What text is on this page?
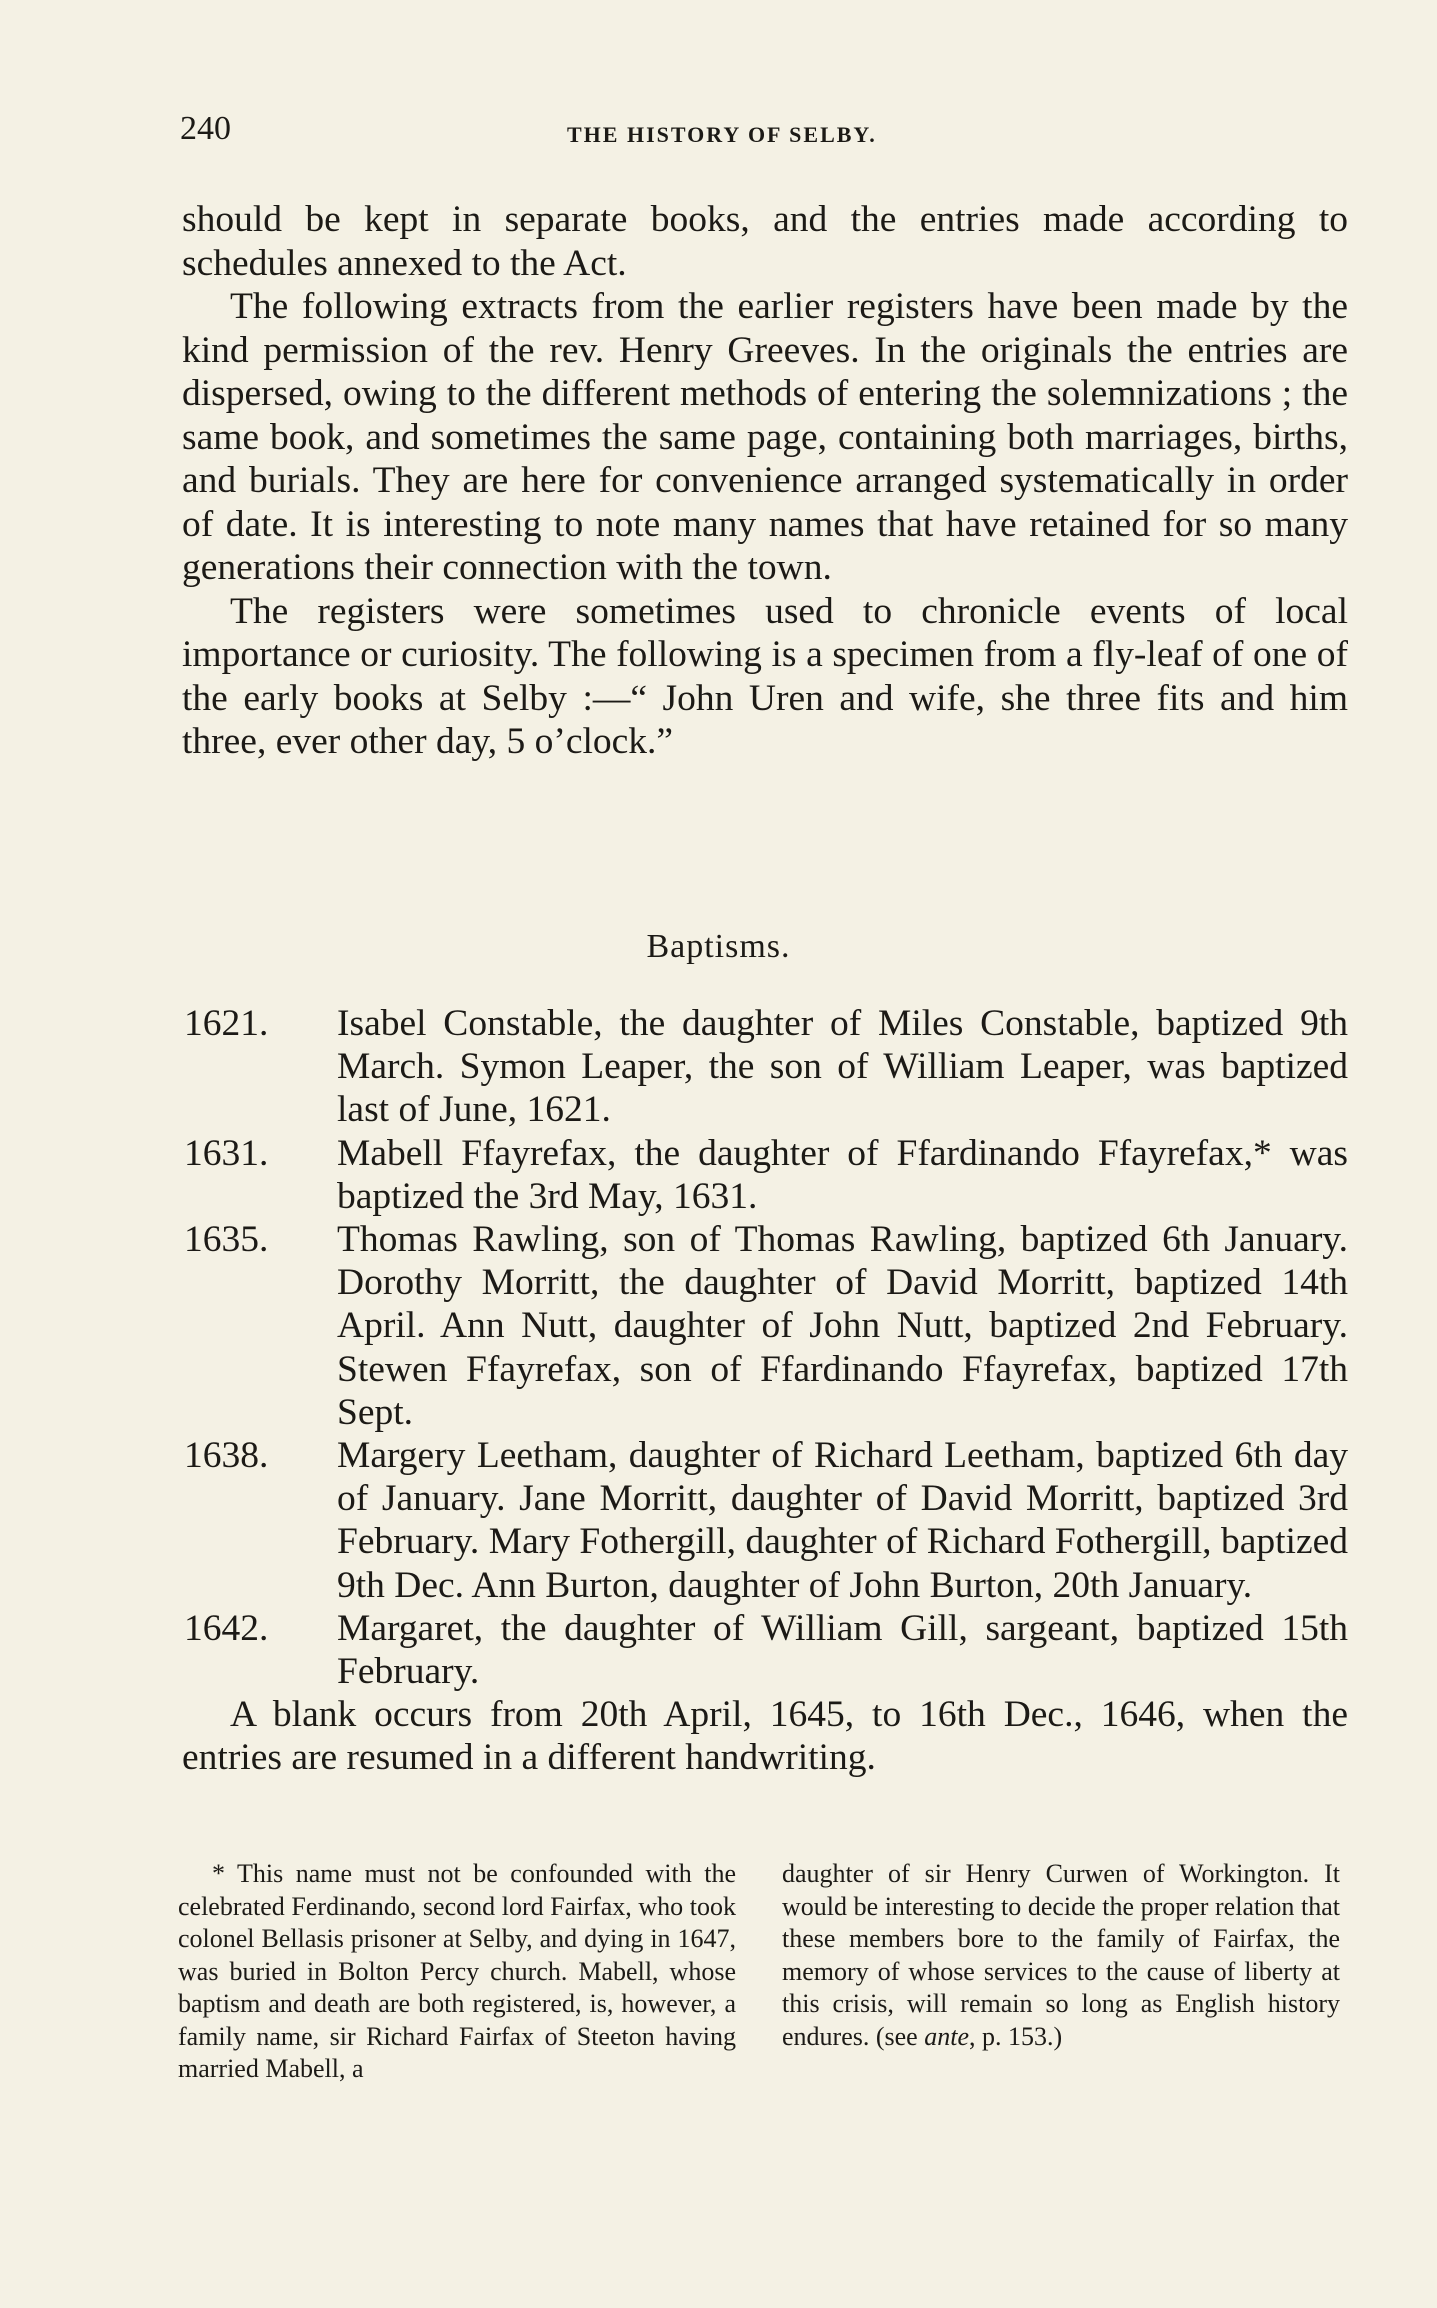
240	THE HISTORY OF SELBY.

should be kept in separate books, and the entries made according to schedules annexed to the Act.

The following extracts from the earlier registers have been made by the kind permission of the rev. Henry Greeves. In the originals the entries are dispersed, owing to the different methods of entering the solemnizations ; the same book, and sometimes the same page, containing both marriages, births, and burials. They are here for convenience arranged systematically in order of date. It is interesting to note many names that have retained for so many generations their connection with the town.

The registers were sometimes used to chronicle events of local importance or curiosity. The following is a specimen from a fly-leaf of one of the early books at Selby :—“ John Uren and wife, she three fits and him three, ever other day, 5 o’clock.”

Baptisms.
1621. Isabel Constable, the daughter of Miles Constable, baptized 9th March. Symon Leaper, the son of William Leaper, was baptized last of June, 1621.
1631. Mabell Ffayrefax, the daughter of Ffardinando Ffayrefax,* was baptized the 3rd May, 1631.
1635. Thomas Rawling, son of Thomas Rawling, baptized 6th January. Dorothy Morritt, the daughter of David Morritt, baptized 14th April. Ann Nutt, daughter of John Nutt, baptized 2nd February. Stewen Ffayrefax, son of Ffardinando Ffayrefax, baptized 17th Sept.
1638. Margery Leetham, daughter of Richard Leetham, baptized 6th day of January. Jane Morritt, daughter of David Morritt, baptized 3rd February. Mary Fothergill, daughter of Richard Fothergill, baptized 9th Dec. Ann Burton, daughter of John Burton, 20th January.
1642. Margaret, the daughter of William Gill, sargeant, baptized 15th February.

A blank occurs from 20th April, 1645, to 16th Dec., 1646, when the entries are resumed in a different handwriting.

* This name must not be confounded with the celebrated Ferdinando, second lord Fairfax, who took colonel Bellasis prisoner at Selby, and dying in 1647, was buried in Bolton Percy church. Mabell, whose baptism and death are both registered, is, however, a family name, sir Richard Fairfax of Steeton having married Mabell, a

daughter of sir Henry Curwen of Workington. It would be interesting to decide the proper relation that these members bore to the family of Fairfax, the memory of whose services to the cause of liberty at this crisis, will remain so long as English history endures. (see ante, p. 153.)
